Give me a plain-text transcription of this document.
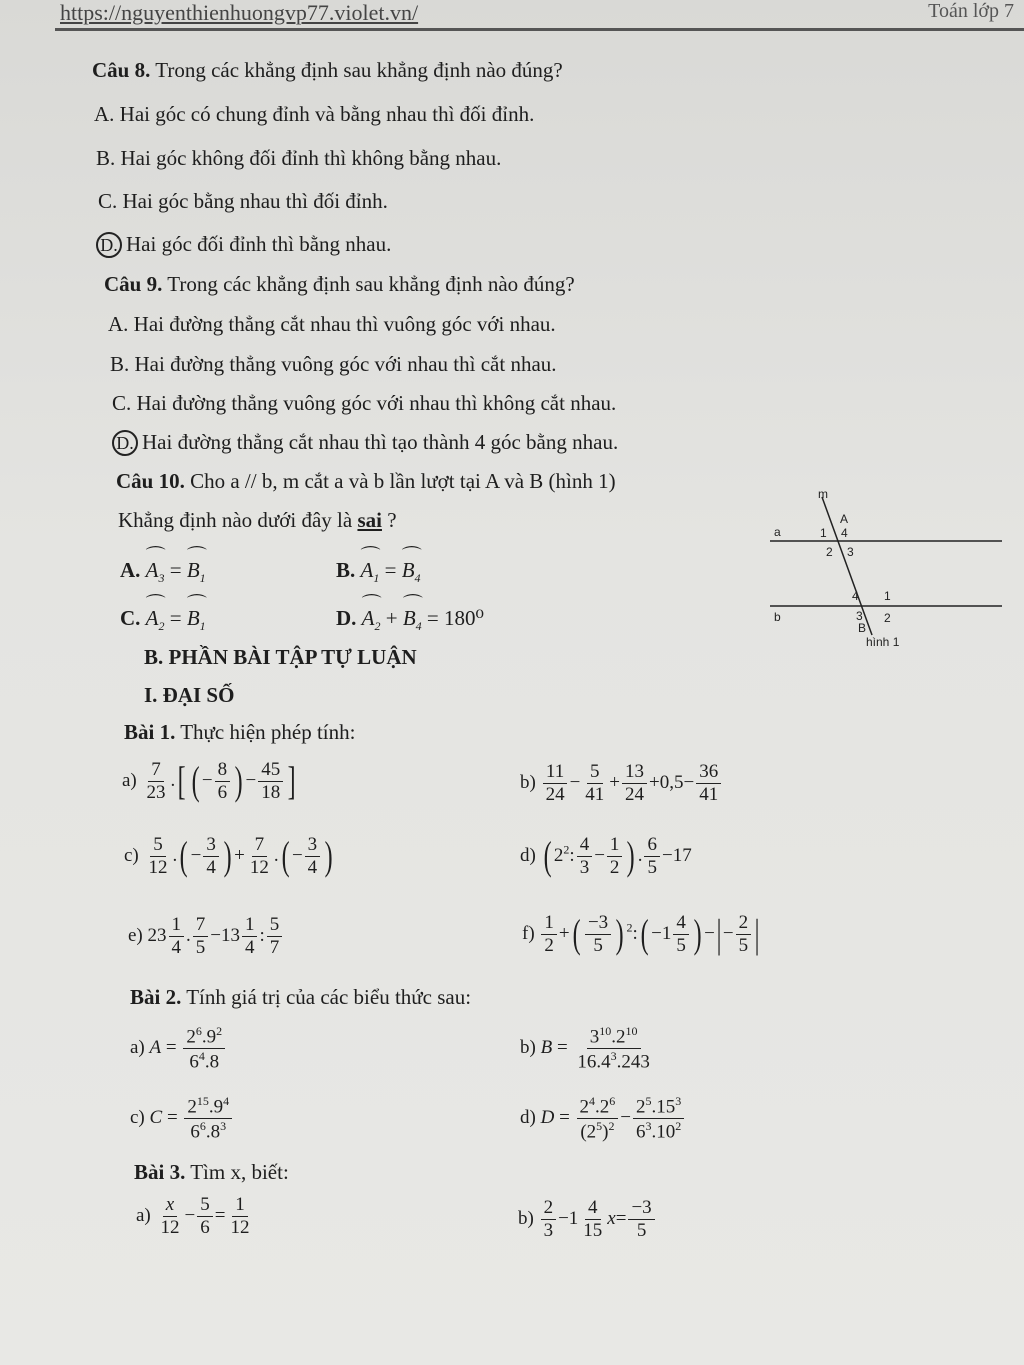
https://nguyenthienhuongvp77.violet.vn/	Toán lớp 7
Câu 8. Trong các khẳng định sau khẳng định nào đúng?
A. Hai góc có chung đỉnh và bằng nhau thì đối đỉnh.
B. Hai góc không đối đỉnh thì không bằng nhau.
C. Hai góc bằng nhau thì đối đỉnh.
D. Hai góc đối đỉnh thì bằng nhau.
Câu 9. Trong các khẳng định sau khẳng định nào đúng?
A. Hai đường thẳng cắt nhau thì vuông góc với nhau.
B. Hai đường thẳng vuông góc với nhau thì cắt nhau.
C. Hai đường thẳng vuông góc với nhau thì không cắt nhau.
D. Hai đường thẳng cắt nhau thì tạo thành 4 góc bằng nhau.
Câu 10. Cho a // b, m cắt a và b lần lượt tại A và B (hình 1)
Khẳng định nào dưới đây là sai ?
A. ⌒ $A_3$ = ⌒ $B_1$	B. ⌒ $A_1$ = ⌒ $B_4$
C. ⌒ $A_2$ = ⌒ $B_1$	D. ⌒ $A_2$ + ⌒ $B_4 = 180^0$
m
A
a	1 4
2 3
4 1
3 2
b
B
hình 1
B. PHẦN BÀI TẬP TỰ LUẬN
I. ĐẠI SỐ
Bài 1. Thực hiện phép tính:
$a) \frac{7}{23}$ .[ ( − $\frac{8}{6}$ ) − $\frac{45}{18}$ ]	$b) \frac{11}{24} - \frac{5}{41} + \frac{13}{24} +0,5- \frac{36}{41}$
$c) \frac{5}{12}$ .( − $\frac{3}{4}$ ) + $\frac{7}{12}$ .( − $\frac{3}{4}$ )	d) ( $2^2$: $\frac{4}{3} - \frac{1}{2}$ ) . $\frac{6}{5} -17$
e) $23 \frac{1}{4}$ . $\frac{7}{5} -13 \frac{1}{4}$ : $\frac{5}{7}$	$f) \frac{1}{2}$ +( $\frac{-3}{5}$ ) $^2$:( $-1 \frac{4}{5}$ ) −|− $\frac{2}{5}$ |
Bài 2. Tính giá trị của các biểu thức sau:
a) $A = \frac{2^6.9^2}{6^4.8}$	b) $B = \frac{3^{10}.2^{10}}{16.4^3.243}$
c) $C = \frac{2^{15}.9^4}{6^6.8^3}$	d) $D = \frac{2^4.2^6}{(2^5)^2} - \frac{2^5.15^3}{6^3.10^2}$
Bài 3. Tìm x, biết:
$a) \frac{x}{12} - \frac{5}{6} = \frac{1}{12}$	$b) \frac{2}{3} -1 \frac{4}{15} x= \frac{-3}{5}$
